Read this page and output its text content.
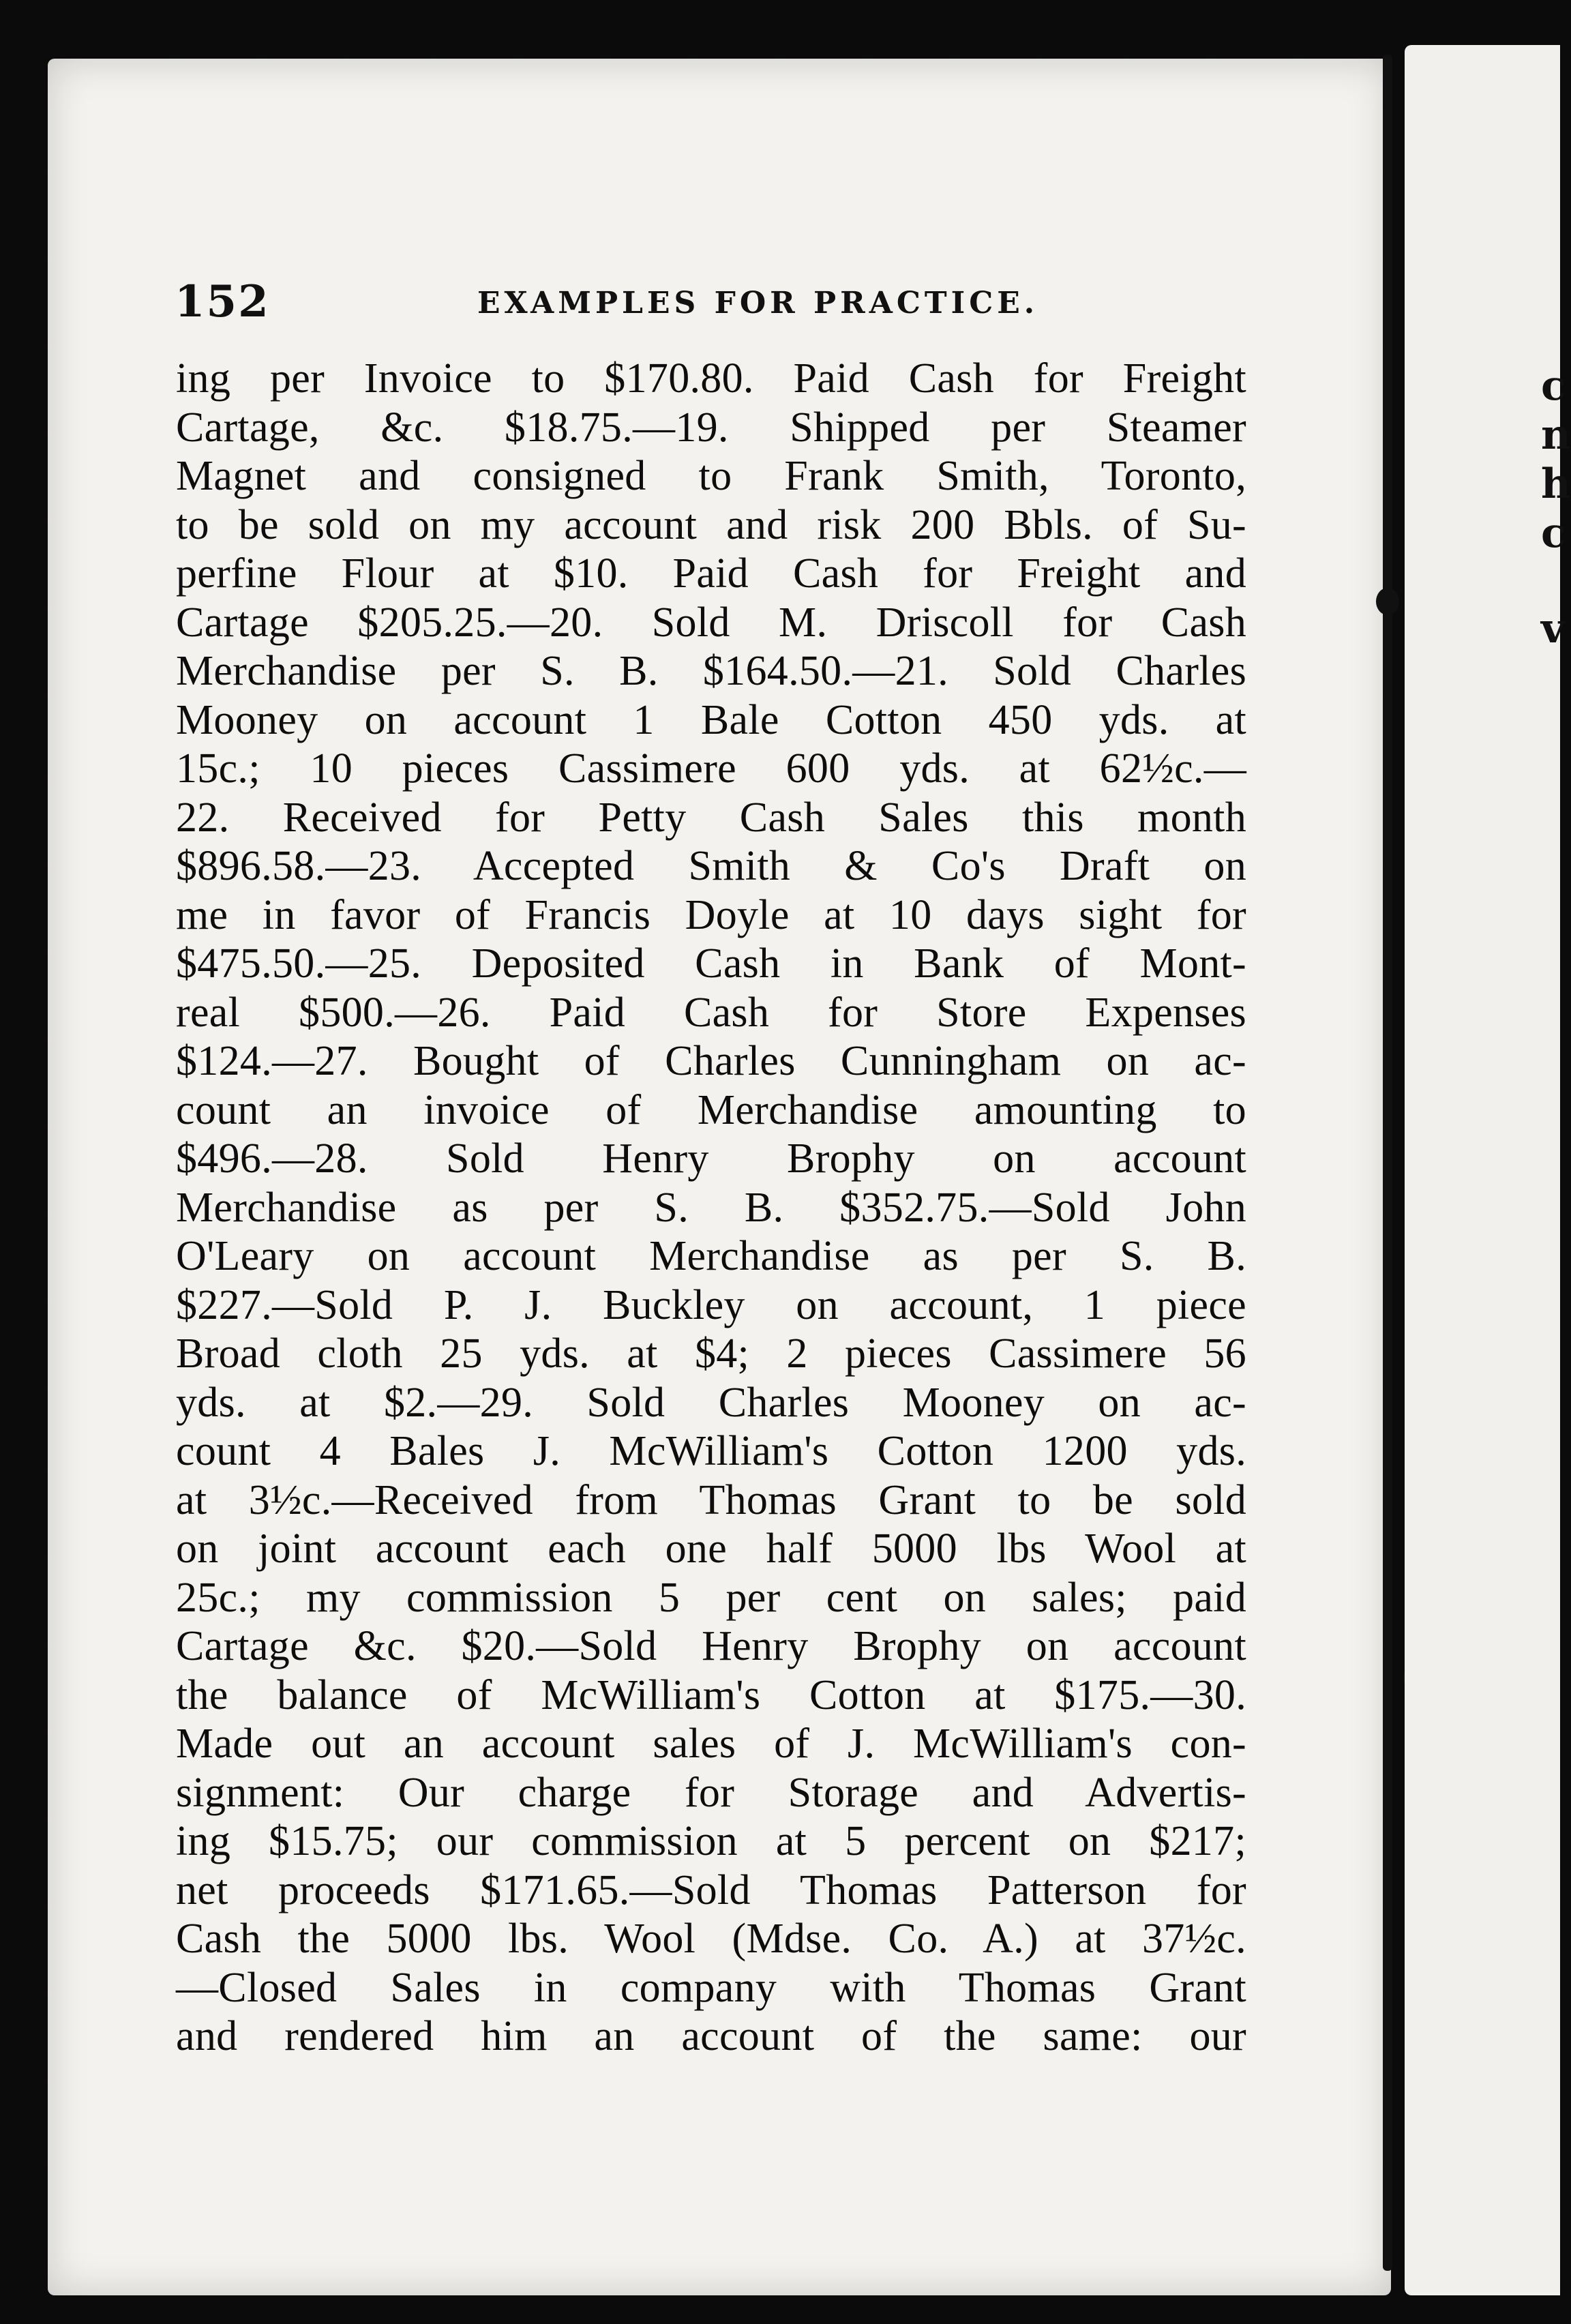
152	EXAMPLES FOR PRACTICE.
ing per Invoice to $170.80. Paid Cash for Freight
Cartage, &c. $18.75.—19. Shipped per Steamer
Magnet and consigned to Frank Smith, Toronto,
to be sold on my account and risk 200 Bbls. of Su-
perfine Flour at $10. Paid Cash for Freight and
Cartage $205.25.—20. Sold M. Driscoll for Cash
Merchandise per S. B. $164.50.—21. Sold Charles
Mooney on account 1 Bale Cotton 450 yds. at
15c.; 10 pieces Cassimere 600 yds. at 62½c.—
22. Received for Petty Cash Sales this month
$896.58.—23. Accepted Smith & Co's Draft on
me in favor of Francis Doyle at 10 days sight for
$475.50.—25. Deposited Cash in Bank of Mont-
real $500.—26. Paid Cash for Store Expenses
$124.—27. Bought of Charles Cunningham on ac-
count an invoice of Merchandise amounting to
$496.—28. Sold Henry Brophy on account
Merchandise as per S. B. $352.75.—Sold John
O'Leary on account Merchandise as per S. B.
$227.—Sold P. J. Buckley on account, 1 piece
Broad cloth 25 yds. at $4; 2 pieces Cassimere 56
yds. at $2.—29. Sold Charles Mooney on ac-
count 4 Bales J. McWilliam's Cotton 1200 yds.
at 3½c.—Received from Thomas Grant to be sold
on joint account each one half 5000 lbs Wool at
25c.; my commission 5 per cent on sales; paid
Cartage &c. $20.—Sold Henry Brophy on account
the balance of McWilliam's Cotton at $175.—30.
Made out an account sales of J. McWilliam's con-
signment: Our charge for Storage and Advertis-
ing $15.75; our commission at 5 percent on $217;
net proceeds $171.65.—Sold Thomas Patterson for
Cash the 5000 lbs. Wool (Mdse. Co. A.) at 37½c.
—Closed Sales in company with Thomas Grant
and rendered him an account of the same: our
c
n
h
c
v
